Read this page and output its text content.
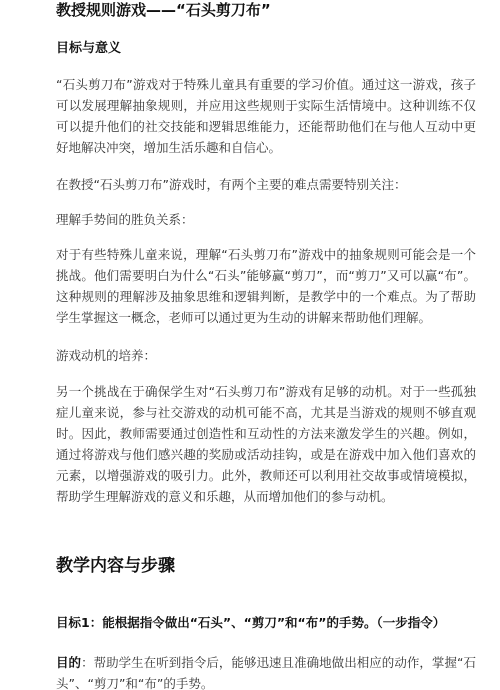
教授规则游戏——“石头剪刀布”
目标与意义

“石头剪刀布”游戏对于特殊儿童具有重要的学习价值。通过这一游戏，孩子可以发展理解抽象规则，并应用这些规则于实际生活情境中。这种训练不仅可以提升他们的社交技能和逻辑思维能力，还能帮助他们在与他人互动中更好地解决冲突，增加生活乐趣和自信心。

在教授“石头剪刀布”游戏时，有两个主要的难点需要特别关注：

理解手势间的胜负关系：

对于有些特殊儿童来说，理解“石头剪刀布”游戏中的抽象规则可能会是一个挑战。他们需要明白为什么“石头”能够赢“剪刀”，而“剪刀”又可以赢“布”。这种规则的理解涉及抽象思维和逻辑判断，是教学中的一个难点。为了帮助学生掌握这一概念，老师可以通过更为生动的讲解来帮助他们理解。

游戏动机的培养：

另一个挑战在于确保学生对“石头剪刀布”游戏有足够的动机。对于一些孤独症儿童来说，参与社交游戏的动机可能不高，尤其是当游戏的规则不够直观时。因此，教师需要通过创造性和互动性的方法来激发学生的兴趣。例如，通过将游戏与他们感兴趣的奖励或活动挂钩，或是在游戏中加入他们喜欢的元素，以增强游戏的吸引力。此外，教师还可以利用社交故事或情境模拟，帮助学生理解游戏的意义和乐趣，从而增加他们的参与动机。

教学内容与步骤
目标1：能根据指令做出“石头”、“剪刀”和“布”的手势。（一步指令）

目的：帮助学生在听到指令后，能够迅速且准确地做出相应的动作，掌握“石头”、“剪刀”和“布”的手势。
